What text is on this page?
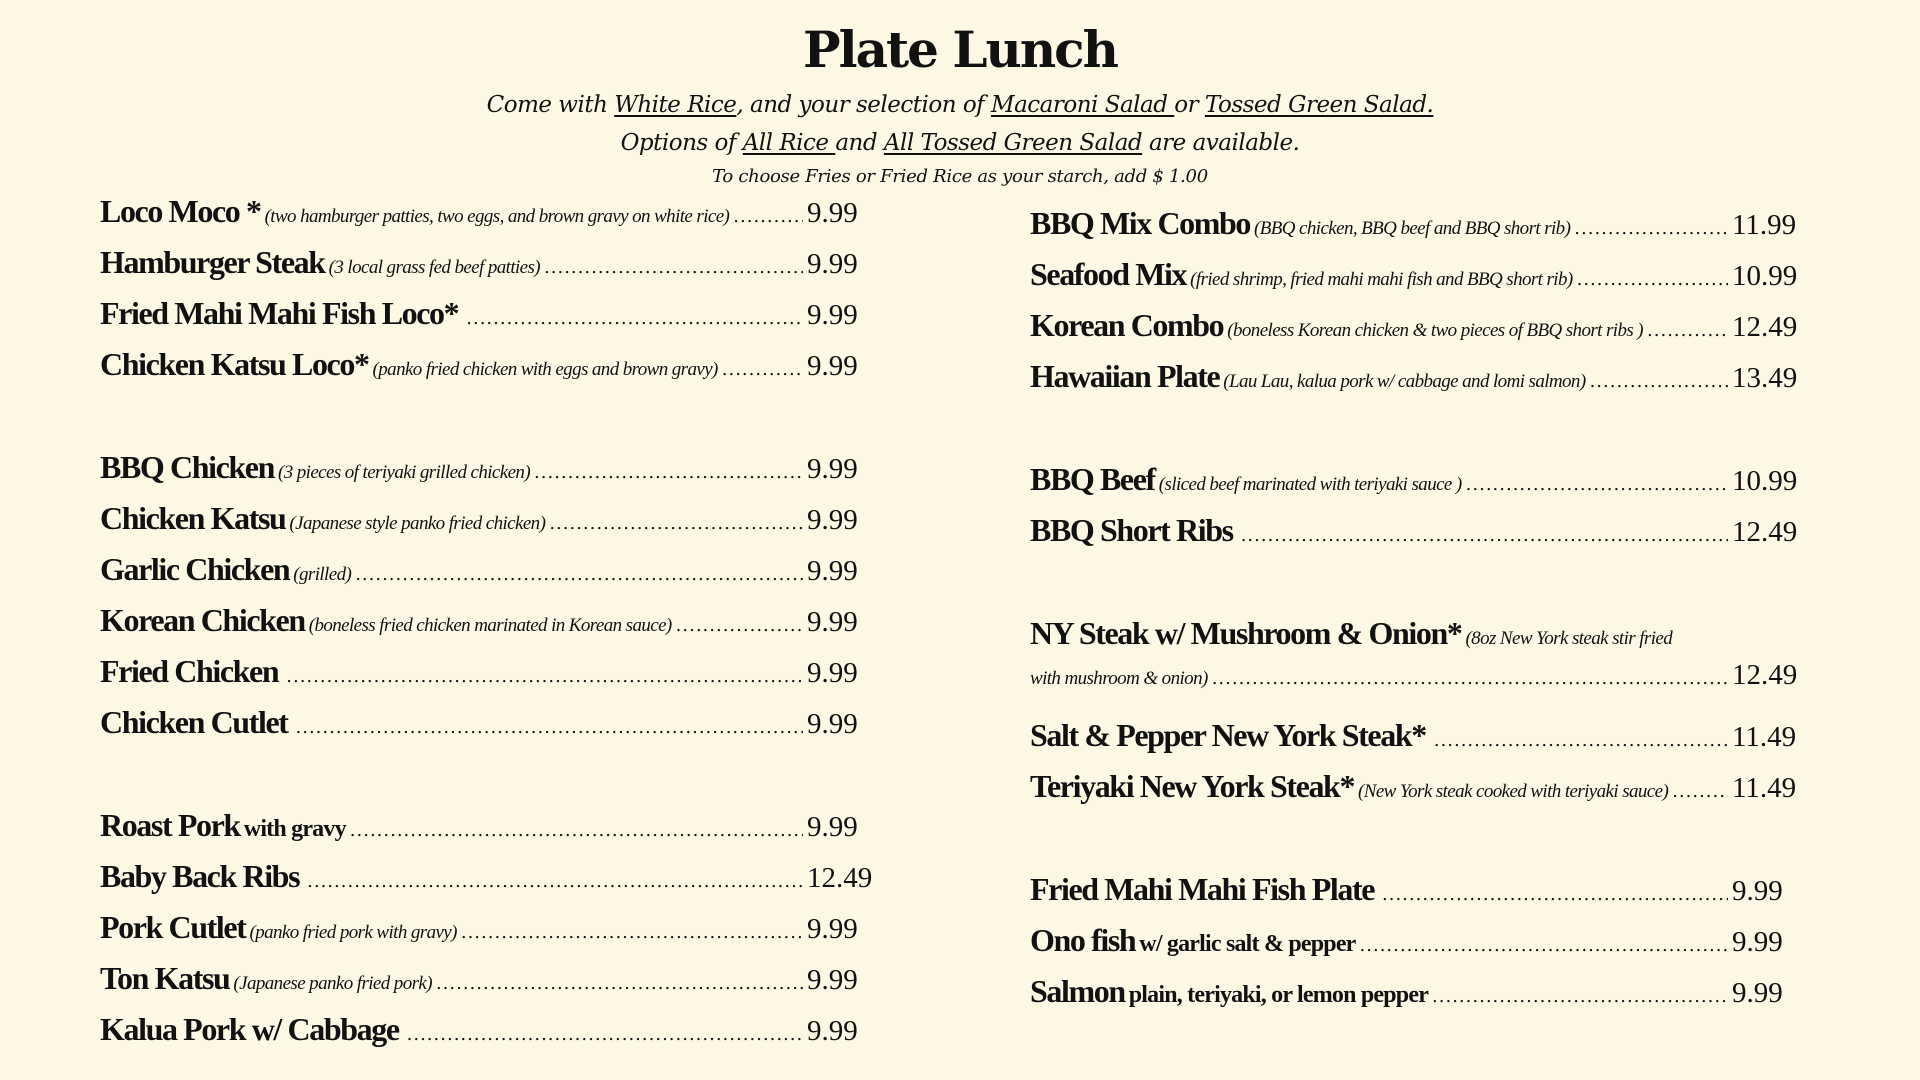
Plate Lunch
Come with White Rice, and your selection of Macaroni Salad or Tossed Green Salad.
Options of All Rice and All Tossed Green Salad are available.
To choose Fries or Fried Rice as your starch, add $ 1.00
Loco Moco * (two hamburger patties, two eggs, and brown gravy on white rice) .....	9.99
Hamburger Steak (3 local grass fed beef patties) .....	9.99
Fried Mahi Mahi Fish Loco* .....	9.99
Chicken Katsu Loco* (panko fried chicken with eggs and brown gravy) .....	9.99
BBQ Chicken (3 pieces of teriyaki grilled chicken) .....	9.99
Chicken Katsu (Japanese style panko fried chicken) .....	9.99
Garlic Chicken (grilled) .....	9.99
Korean Chicken (boneless fried chicken marinated in Korean sauce) .....	9.99
Fried Chicken .....	9.99
Chicken Cutlet .....	9.99
Roast Pork with gravy .....	9.99
Baby Back Ribs .....	12.49
Pork Cutlet (panko fried pork with gravy) .....	9.99
Ton Katsu (Japanese panko fried pork) .....	9.99
Kalua Pork w/ Cabbage .....	9.99
BBQ Mix Combo (BBQ chicken, BBQ beef and BBQ short rib) .....	11.99
Seafood Mix (fried shrimp, fried mahi mahi fish and BBQ short rib) .....	10.99
Korean Combo (boneless Korean chicken & two pieces of BBQ short ribs ) .....	12.49
Hawaiian Plate (Lau Lau, kalua pork w/ cabbage and lomi salmon) .....	13.49
BBQ Beef (sliced beef marinated with teriyaki sauce ) .....	10.99
BBQ Short Ribs .....	12.49
NY Steak w/ Mushroom & Onion* (8oz New York steak stir fried
with mushroom & onion) .....	12.49
Salt & Pepper New York Steak* .....	11.49
Teriyaki New York Steak* (New York steak cooked with teriyaki sauce) ..... 11.49
Fried Mahi Mahi Fish Plate .....	9.99
Ono fish w/ garlic salt & pepper .....	9.99
Salmon plain, teriyaki, or lemon pepper .....	9.99
